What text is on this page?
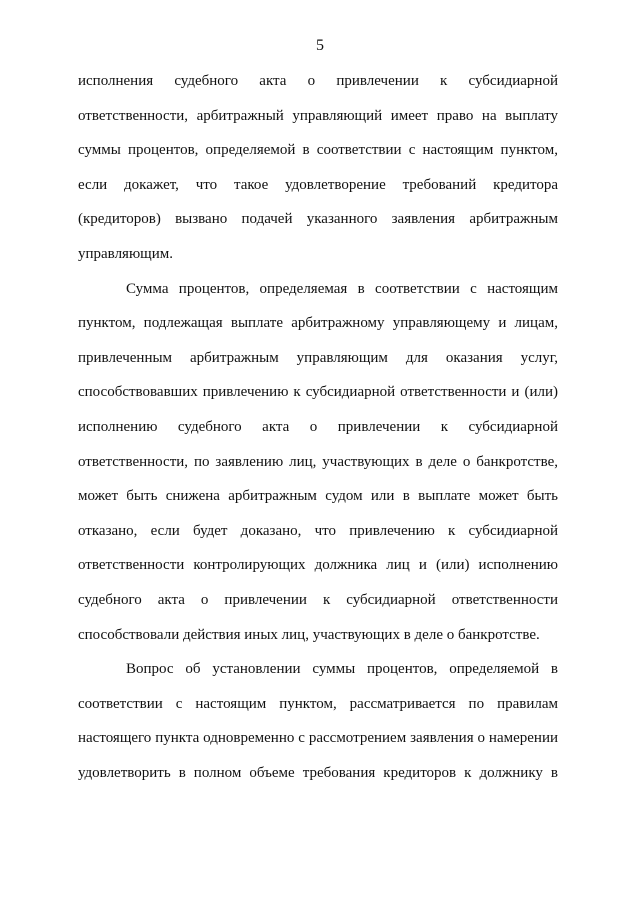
5
исполнения судебного акта о привлечении к субсидиарной
ответственности, арбитражный управляющий имеет право на выплату
суммы процентов, определяемой в соответствии с настоящим пунктом,
если докажет, что такое удовлетворение требований кредитора
(кредиторов) вызвано подачей указанного заявления арбитражным
управляющим.
Сумма процентов, определяемая в соответствии с настоящим
пунктом, подлежащая выплате арбитражному управляющему и лицам,
привлеченным арбитражным управляющим для оказания услуг,
способствовавших привлечению к субсидиарной ответственности и (или)
исполнению судебного акта о привлечении к субсидиарной
ответственности, по заявлению лиц, участвующих в деле о банкротстве,
может быть снижена арбитражным судом или в выплате может быть
отказано, если будет доказано, что привлечению к субсидиарной
ответственности контролирующих должника лиц и (или) исполнению
судебного акта о привлечении к субсидиарной ответственности
способствовали действия иных лиц, участвующих в деле о банкротстве.
Вопрос об установлении суммы процентов, определяемой в
соответствии с настоящим пунктом, рассматривается по правилам
настоящего пункта одновременно с рассмотрением заявления о намерении
удовлетворить в полном объеме требования кредиторов к должнику в
